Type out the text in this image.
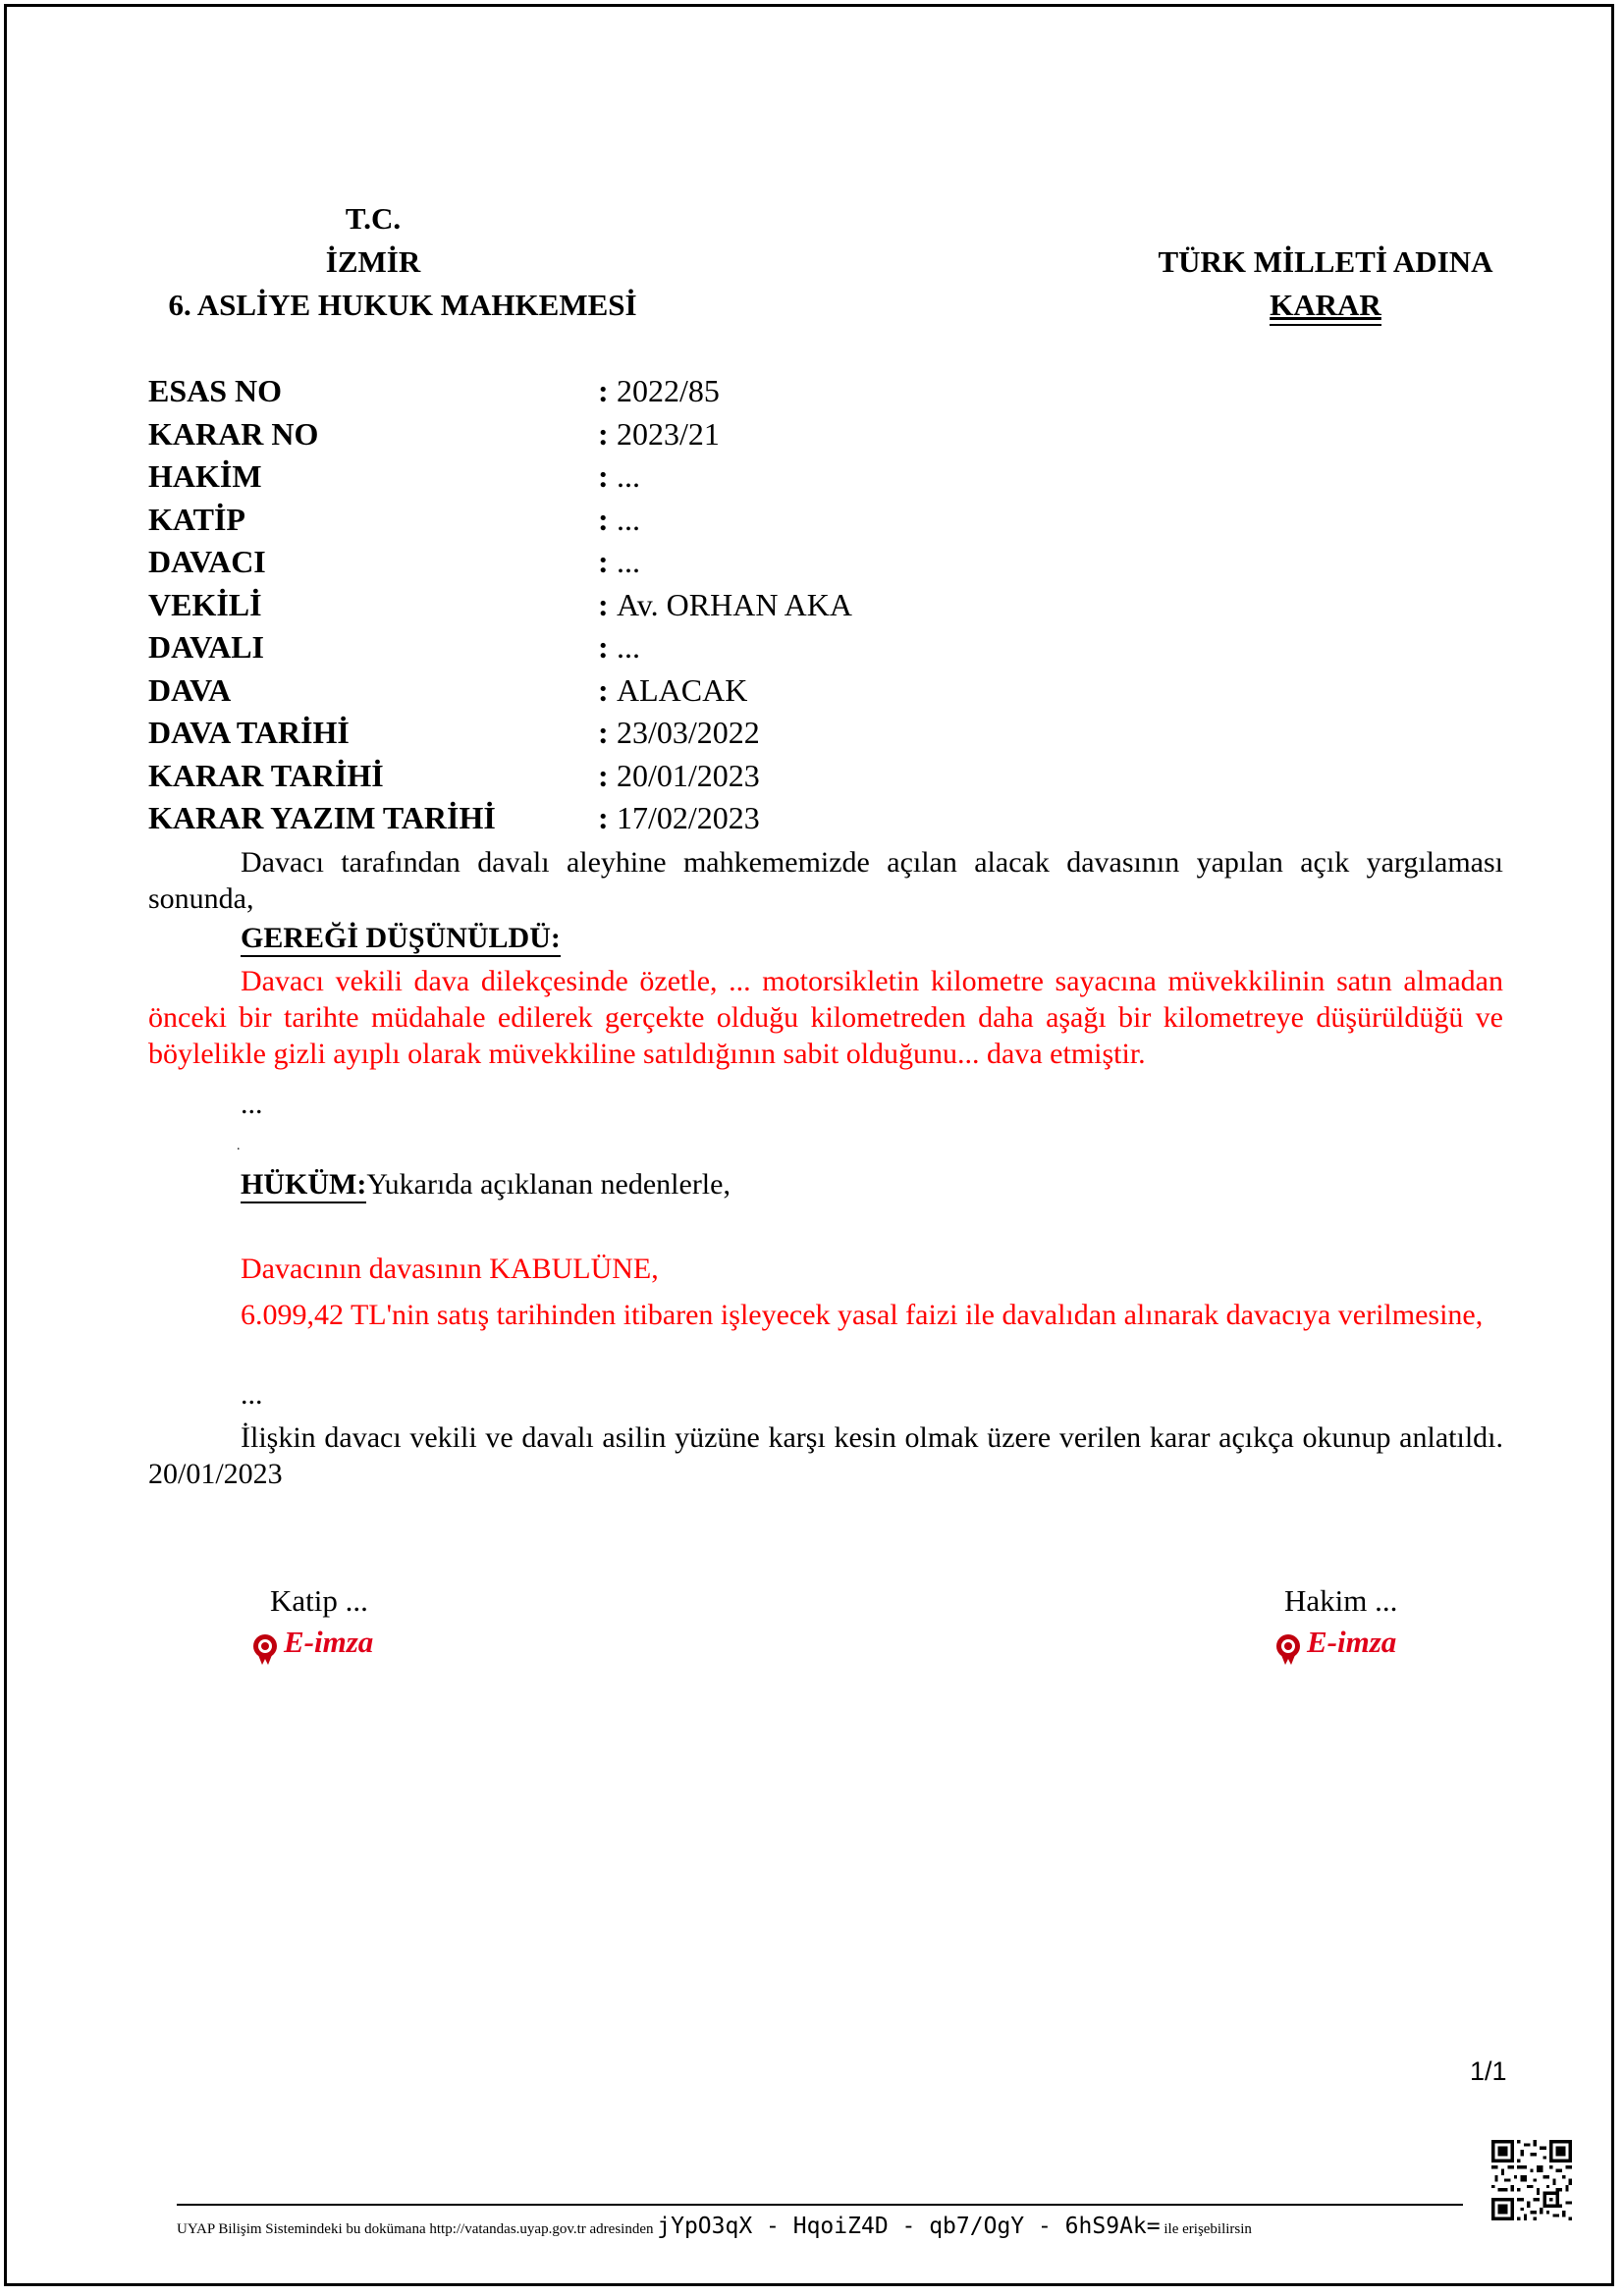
T.C.
İZMİR
6. ASLİYE HUKUK MAHKEMESİ
TÜRK MİLLETİ ADINA
KARAR
ESAS NO	: 2022/85
KARAR NO	: 2023/21
HAKİM	: ...
KATİP	: ...
DAVACI	: ...
VEKİLİ	: Av. ORHAN AKA
DAVALI	: ...
DAVA	: ALACAK
DAVA TARİHİ	: 23/03/2022
KARAR TARİHİ	: 20/01/2023
KARAR YAZIM TARİHİ	: 17/02/2023
Davacı tarafından davalı aleyhine mahkememizde açılan alacak davasının yapılan açık yargılaması sonunda,
GEREĞİ DÜŞÜNÜLDÜ:
Davacı vekili dava dilekçesinde özetle, ... motorsikletin kilometre sayacına müvekkilinin satın almadan önceki bir tarihte müdahale edilerek gerçekte olduğu kilometreden daha aşağı bir kilometreye düşürüldüğü ve böylelikle gizli ayıplı olarak müvekkiline satıldığının sabit olduğunu... dava etmiştir.
...
.
HÜKÜM:Yukarıda açıklanan nedenlerle,
Davacının davasının KABULÜNE,
6.099,42 TL'nin satış tarihinden itibaren işleyecek yasal faizi ile davalıdan alınarak davacıya verilmesine,
...
İlişkin davacı vekili ve davalı asilin yüzüne karşı kesin olmak üzere verilen karar açıkça okunup anlatıldı. 20/01/2023
Katip ...
E-imza
Hakim ...
E-imza
1/1
UYAP Bilişim Sistemindeki bu dokümana http://vatandas.uyap.gov.tr adresinden jYpO3qX - HqoiZ4D - qb7/OgY - 6hS9Ak= ile erişebilirsin
